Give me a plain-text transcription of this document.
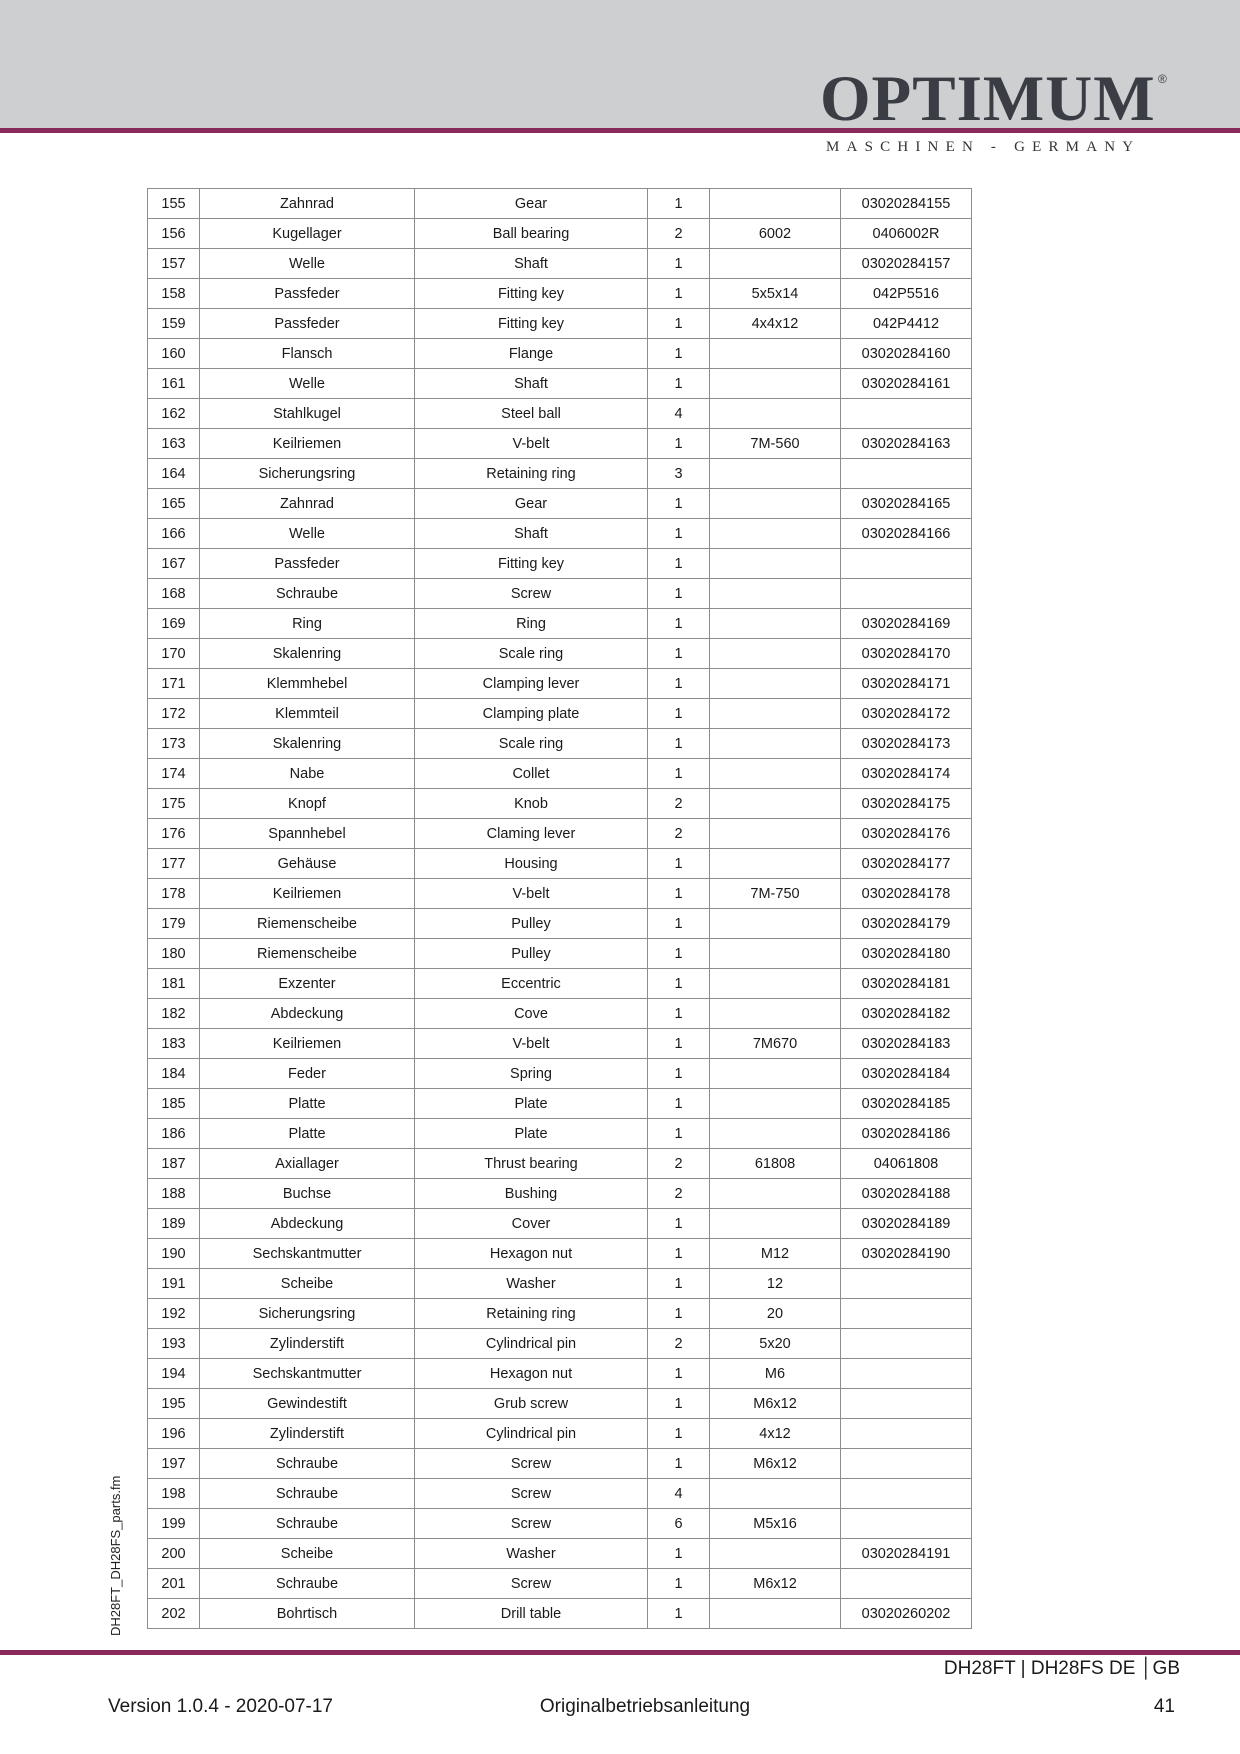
OPTIMUM ®
MASCHINEN - GERMANY
155	Zahnrad	Gear	1		03020284155
156	Kugellager	Ball bearing	2	6002	0406002R
157	Welle	Shaft	1		03020284157
158	Passfeder	Fitting key	1	5x5x14	042P5516
159	Passfeder	Fitting key	1	4x4x12	042P4412
160	Flansch	Flange	1		03020284160
161	Welle	Shaft	1		03020284161
162	Stahlkugel	Steel ball	4		
163	Keilriemen	V-belt	1	7M-560	03020284163
164	Sicherungsring	Retaining ring	3		
165	Zahnrad	Gear	1		03020284165
166	Welle	Shaft	1		03020284166
167	Passfeder	Fitting key	1		
168	Schraube	Screw	1		
169	Ring	Ring	1		03020284169
170	Skalenring	Scale ring	1		03020284170
171	Klemmhebel	Clamping lever	1		03020284171
172	Klemmteil	Clamping plate	1		03020284172
173	Skalenring	Scale ring	1		03020284173
174	Nabe	Collet	1		03020284174
175	Knopf	Knob	2		03020284175
176	Spannhebel	Claming lever	2		03020284176
177	Gehäuse	Housing	1		03020284177
178	Keilriemen	V-belt	1	7M-750	03020284178
179	Riemenscheibe	Pulley	1		03020284179
180	Riemenscheibe	Pulley	1		03020284180
181	Exzenter	Eccentric	1		03020284181
182	Abdeckung	Cove	1		03020284182
183	Keilriemen	V-belt	1	7M670	03020284183
184	Feder	Spring	1		03020284184
185	Platte	Plate	1		03020284185
186	Platte	Plate	1		03020284186
187	Axiallager	Thrust bearing	2	61808	04061808
188	Buchse	Bushing	2		03020284188
189	Abdeckung	Cover	1		03020284189
190	Sechskantmutter	Hexagon nut	1	M12	03020284190
191	Scheibe	Washer	1	12	
192	Sicherungsring	Retaining ring	1	20	
193	Zylinderstift	Cylindrical pin	2	5x20	
194	Sechskantmutter	Hexagon nut	1	M6	
195	Gewindestift	Grub screw	1	M6x12	
196	Zylinderstift	Cylindrical pin	1	4x12	
197	Schraube	Screw	1	M6x12	
198	Schraube	Screw	4		
199	Schraube	Screw	6	M5x16	
200	Scheibe	Washer	1		03020284191
201	Schraube	Screw	1	M6x12	
202	Bohrtisch	Drill table	1		03020260202
DH28FT_DH28FS_parts.fm
DH28FT | DH28FS DE │GB
Version 1.0.4 - 2020-07-17	Originalbetriebsanleitung	41
